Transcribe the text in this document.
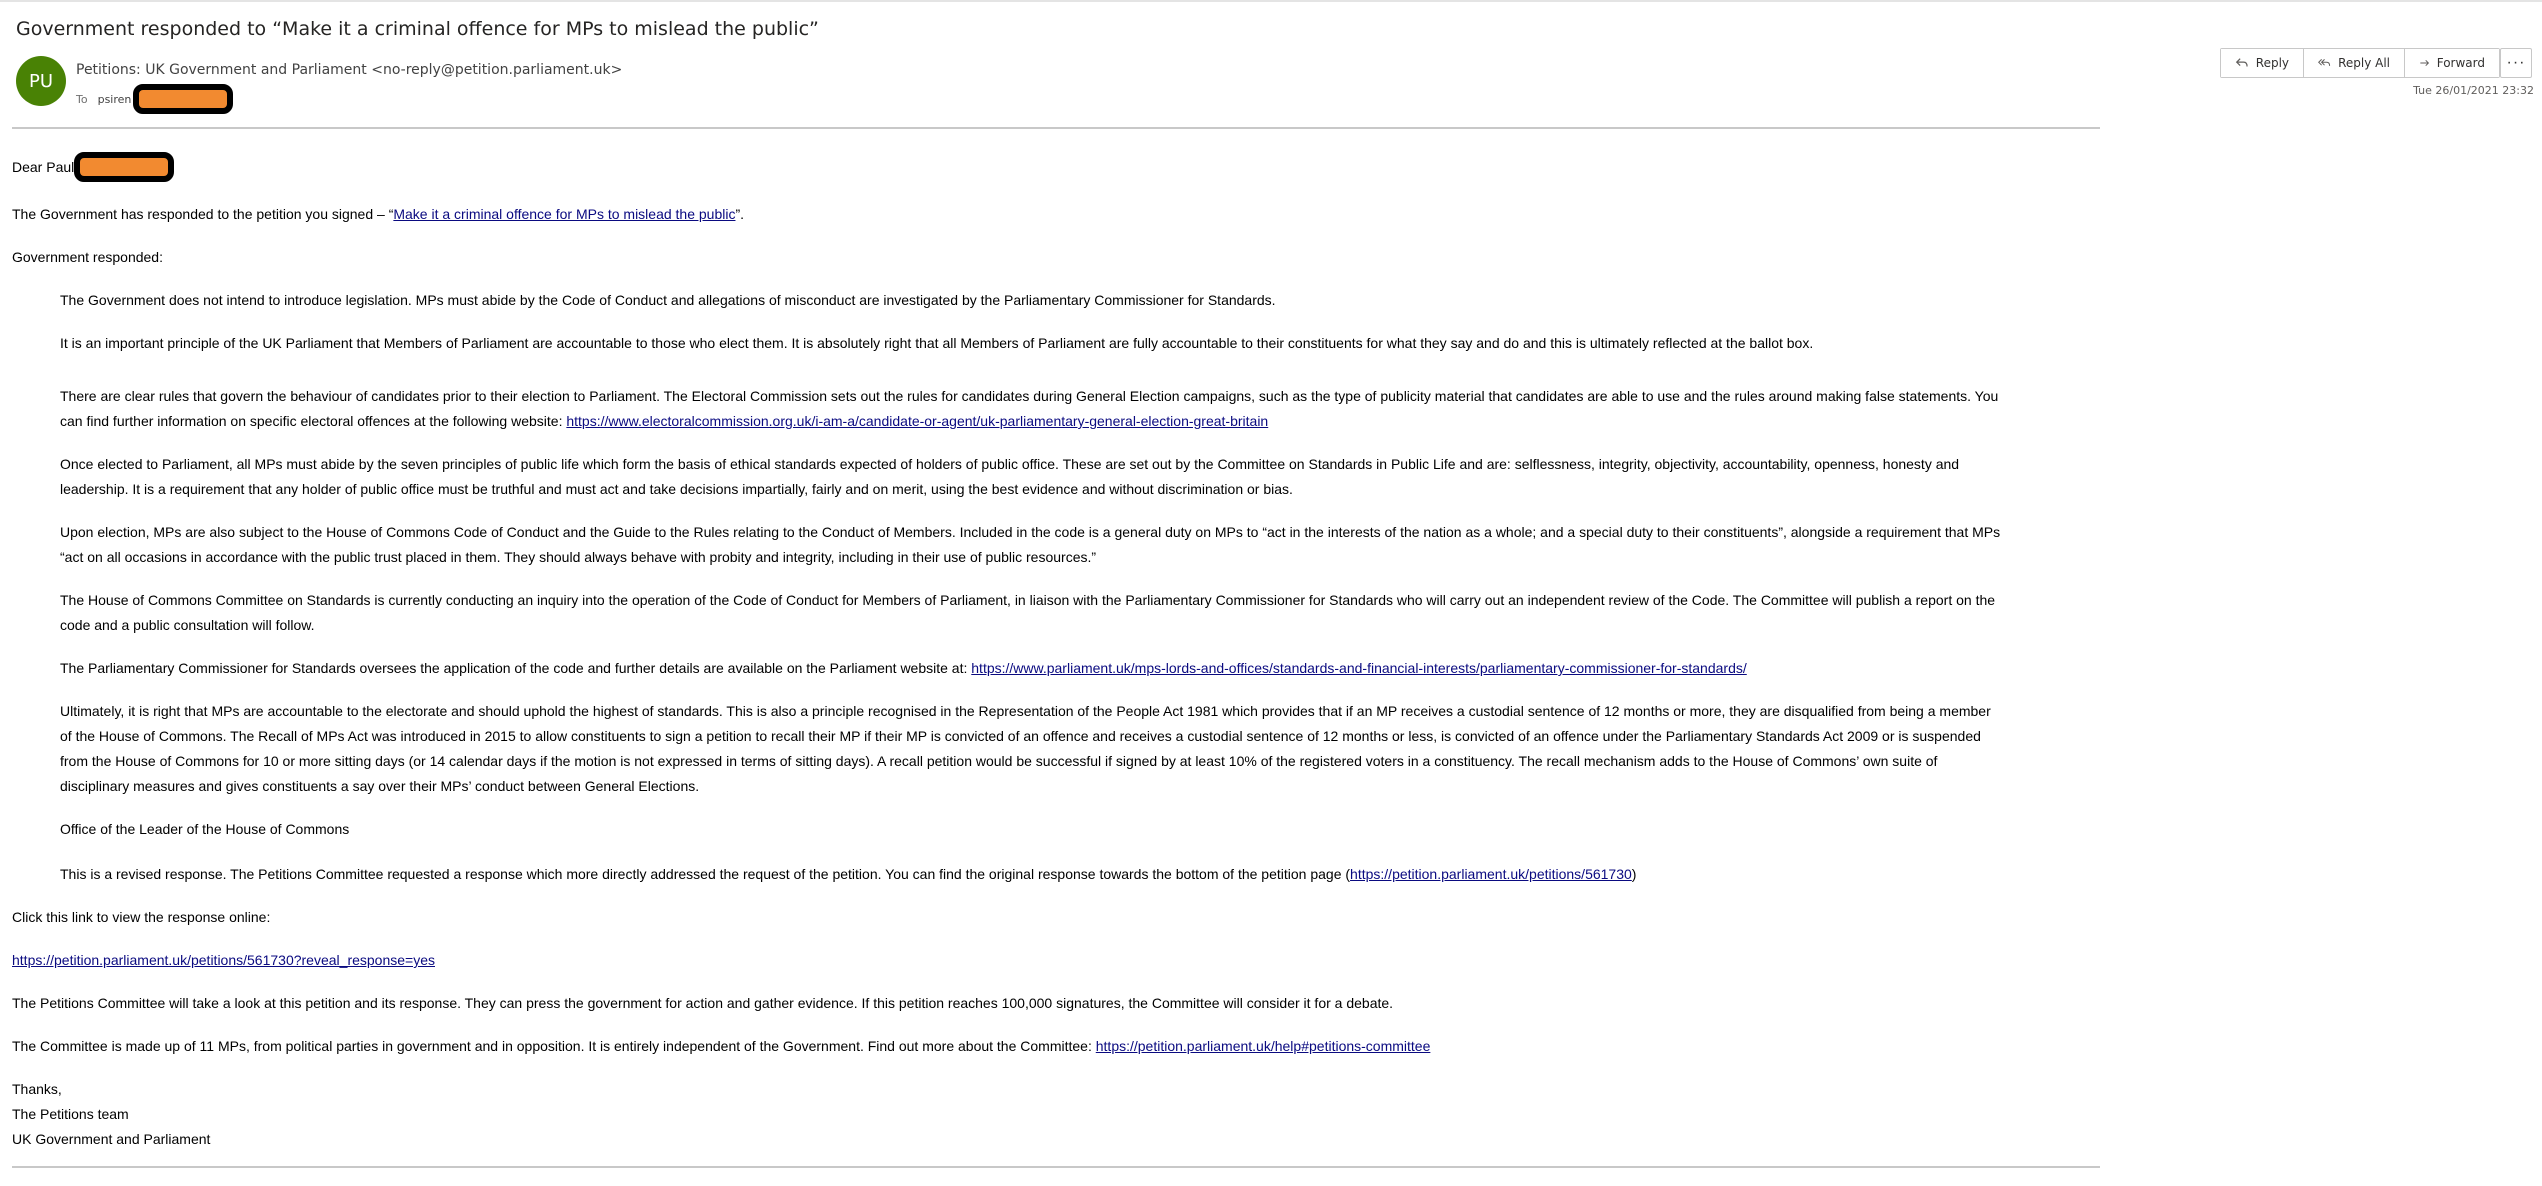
Government responded to “Make it a criminal offence for MPs to mislead the public”
PU
Petitions: UK Government and Parliament <no-reply@petition.parliament.uk>
To psiren
Reply	Reply All	Forward ···
Tue 26/01/2021 23:32
Dear Paul

The Government has responded to the petition you signed – “Make it a criminal offence for MPs to mislead the public”.

Government responded:

The Government does not intend to introduce legislation. MPs must abide by the Code of Conduct and allegations of misconduct are investigated by the Parliamentary Commissioner for Standards.

It is an important principle of the UK Parliament that Members of Parliament are accountable to those who elect them. It is absolutely right that all Members of Parliament are fully accountable to their constituents for what they say and do and this is ultimately reflected at the ballot box.

There are clear rules that govern the behaviour of candidates prior to their election to Parliament. The Electoral Commission sets out the rules for candidates during General Election campaigns, such as the type of publicity material that candidates are able to use and the rules around making false statements. You can find further information on specific electoral offences at the following website: https://www.electoralcommission.org.uk/i-am-a/candidate-or-agent/uk-parliamentary-general-election-great-britain

Once elected to Parliament, all MPs must abide by the seven principles of public life which form the basis of ethical standards expected of holders of public office. These are set out by the Committee on Standards in Public Life and are: selflessness, integrity, objectivity, accountability, openness, honesty and leadership. It is a requirement that any holder of public office must be truthful and must act and take decisions impartially, fairly and on merit, using the best evidence and without discrimination or bias.

Upon election, MPs are also subject to the House of Commons Code of Conduct and the Guide to the Rules relating to the Conduct of Members. Included in the code is a general duty on MPs to “act in the interests of the nation as a whole; and a special duty to their constituents”, alongside a requirement that MPs “act on all occasions in accordance with the public trust placed in them. They should always behave with probity and integrity, including in their use of public resources.”

The House of Commons Committee on Standards is currently conducting an inquiry into the operation of the Code of Conduct for Members of Parliament, in liaison with the Parliamentary Commissioner for Standards who will carry out an independent review of the Code. The Committee will publish a report on the code and a public consultation will follow.

The Parliamentary Commissioner for Standards oversees the application of the code and further details are available on the Parliament website at: https://www.parliament.uk/mps-lords-and-offices/standards-and-financial-interests/parliamentary-commissioner-for-standards/

Ultimately, it is right that MPs are accountable to the electorate and should uphold the highest of standards. This is also a principle recognised in the Representation of the People Act 1981 which provides that if an MP receives a custodial sentence of 12 months or more, they are disqualified from being a member of the House of Commons. The Recall of MPs Act was introduced in 2015 to allow constituents to sign a petition to recall their MP if their MP is convicted of an offence and receives a custodial sentence of 12 months or less, is convicted of an offence under the Parliamentary Standards Act 2009 or is suspended from the House of Commons for 10 or more sitting days (or 14 calendar days if the motion is not expressed in terms of sitting days). A recall petition would be successful if signed by at least 10% of the registered voters in a constituency. The recall mechanism adds to the House of Commons’ own suite of disciplinary measures and gives constituents a say over their MPs’ conduct between General Elections.

Office of the Leader of the House of Commons

This is a revised response. The Petitions Committee requested a response which more directly addressed the request of the petition. You can find the original response towards the bottom of the petition page (https://petition.parliament.uk/petitions/561730)

Click this link to view the response online:

https://petition.parliament.uk/petitions/561730?reveal_response=yes

The Petitions Committee will take a look at this petition and its response. They can press the government for action and gather evidence. If this petition reaches 100,000 signatures, the Committee will consider it for a debate.

The Committee is made up of 11 MPs, from political parties in government and in opposition. It is entirely independent of the Government. Find out more about the Committee: https://petition.parliament.uk/help#petitions-committee

Thanks,

The Petitions team

UK Government and Parliament
